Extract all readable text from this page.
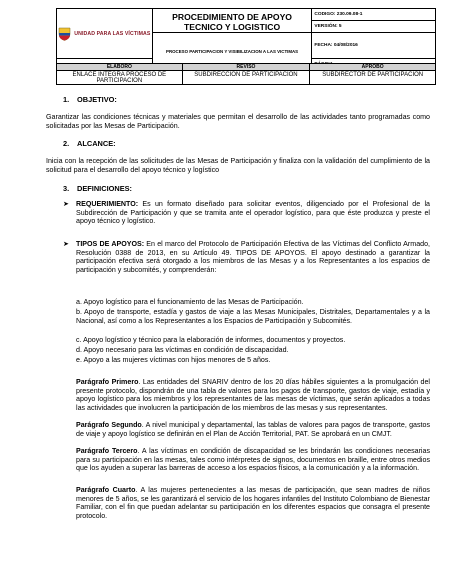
UNIDAD PARA LAS VÍCTIMAS	PROCEDIMIENTO DE APOYO TECNICO Y LOGISTICO	CODIGO: 230.09.08-1
		VERSIÓN: 5
	PROCESO PARTICIPACION Y VISIBILIZACION A LAS VICTIMAS	FECHA: 04/08/2016

ELABORO	REVISO	APROBO
ENLACE INTEGRA PROCESO DE PARTICIPACION	SUBDIRECCION DE PARTICIPACION	SUBDIRECTOR DE PARTICIPACION
1. OBJETIVO:
Garantizar las condiciones técnicas y materiales que permitan el desarrollo de las actividades tanto programadas como solicitadas por las Mesas de Participación.
2. ALCANCE:
Inicia con la recepción de las solicitudes de las Mesas de Participación y finaliza con la validación del cumplimiento de la solicitud para el desarrollo del apoyo técnico y logístico
3. DEFINICIONES:
➤ REQUERIMIENTO: Es un formato diseñado para solicitar eventos, diligenciado por el Profesional de la Subdirección de Participación y que se tramita ante el operador logístico, para que éste produzca y preste el apoyo técnico y logístico.
➤ TIPOS DE APOYOS: En el marco del Protocolo de Participación Efectiva de las Víctimas del Conflicto Armado, Resolución 0388 de 2013, en su Artículo 49. TIPOS DE APOYOS. El apoyo destinado a garantizar la participación efectiva será otorgado a los miembros de las Mesas y a los Representantes a los espacios de participación y subcomités, y comprenderán:
a. Apoyo logístico para el funcionamiento de las Mesas de Participación.
b. Apoyo de transporte, estadía y gastos de viaje a las Mesas Municipales, Distritales, Departamentales y a la Nacional, así como a los Representantes a los Espacios de Participación y Subcomités.
c. Apoyo logístico y técnico para la elaboración de informes, documentos y proyectos.
d. Apoyo necesario para las víctimas en condición de discapacidad.
e. Apoyo a las mujeres víctimas con hijos menores de 5 años.
Parágrafo Primero. Las entidades del SNARIV dentro de los 20 días hábiles siguientes a la promulgación del presente protocolo, dispondrán de una tabla de valores para los pagos de transporte, gastos de viaje, estadía y apoyo logístico para los miembros y los representantes de las mesas de víctimas, que serán aplicados a todas las actividades que involucren la participación de los miembros de las mesas y sus representantes.
Parágrafo Segundo. A nivel municipal y departamental, las tablas de valores para pagos de transporte, gastos de viaje y apoyo logístico se definirán en el Plan de Acción Territorial, PAT. Se aprobará en un CMJT.
Parágrafo Tercero. A las víctimas en condición de discapacidad se les brindarán las condiciones necesarias para su participación en las mesas, tales como intérpretes de signos, documentos en braille, entre otros medios que los ayuden a superar las barreras de acceso a los espacios físicos, a la comunicación y a la información.
Parágrafo Cuarto. A las mujeres pertenecientes a las mesas de participación, que sean madres de niños menores de 5 años, se les garantizará el servicio de los hogares infantiles del Instituto Colombiano de Bienestar Familiar, con el fin que puedan adelantar su participación en los diferentes espacios que consagra el presente protocolo.
